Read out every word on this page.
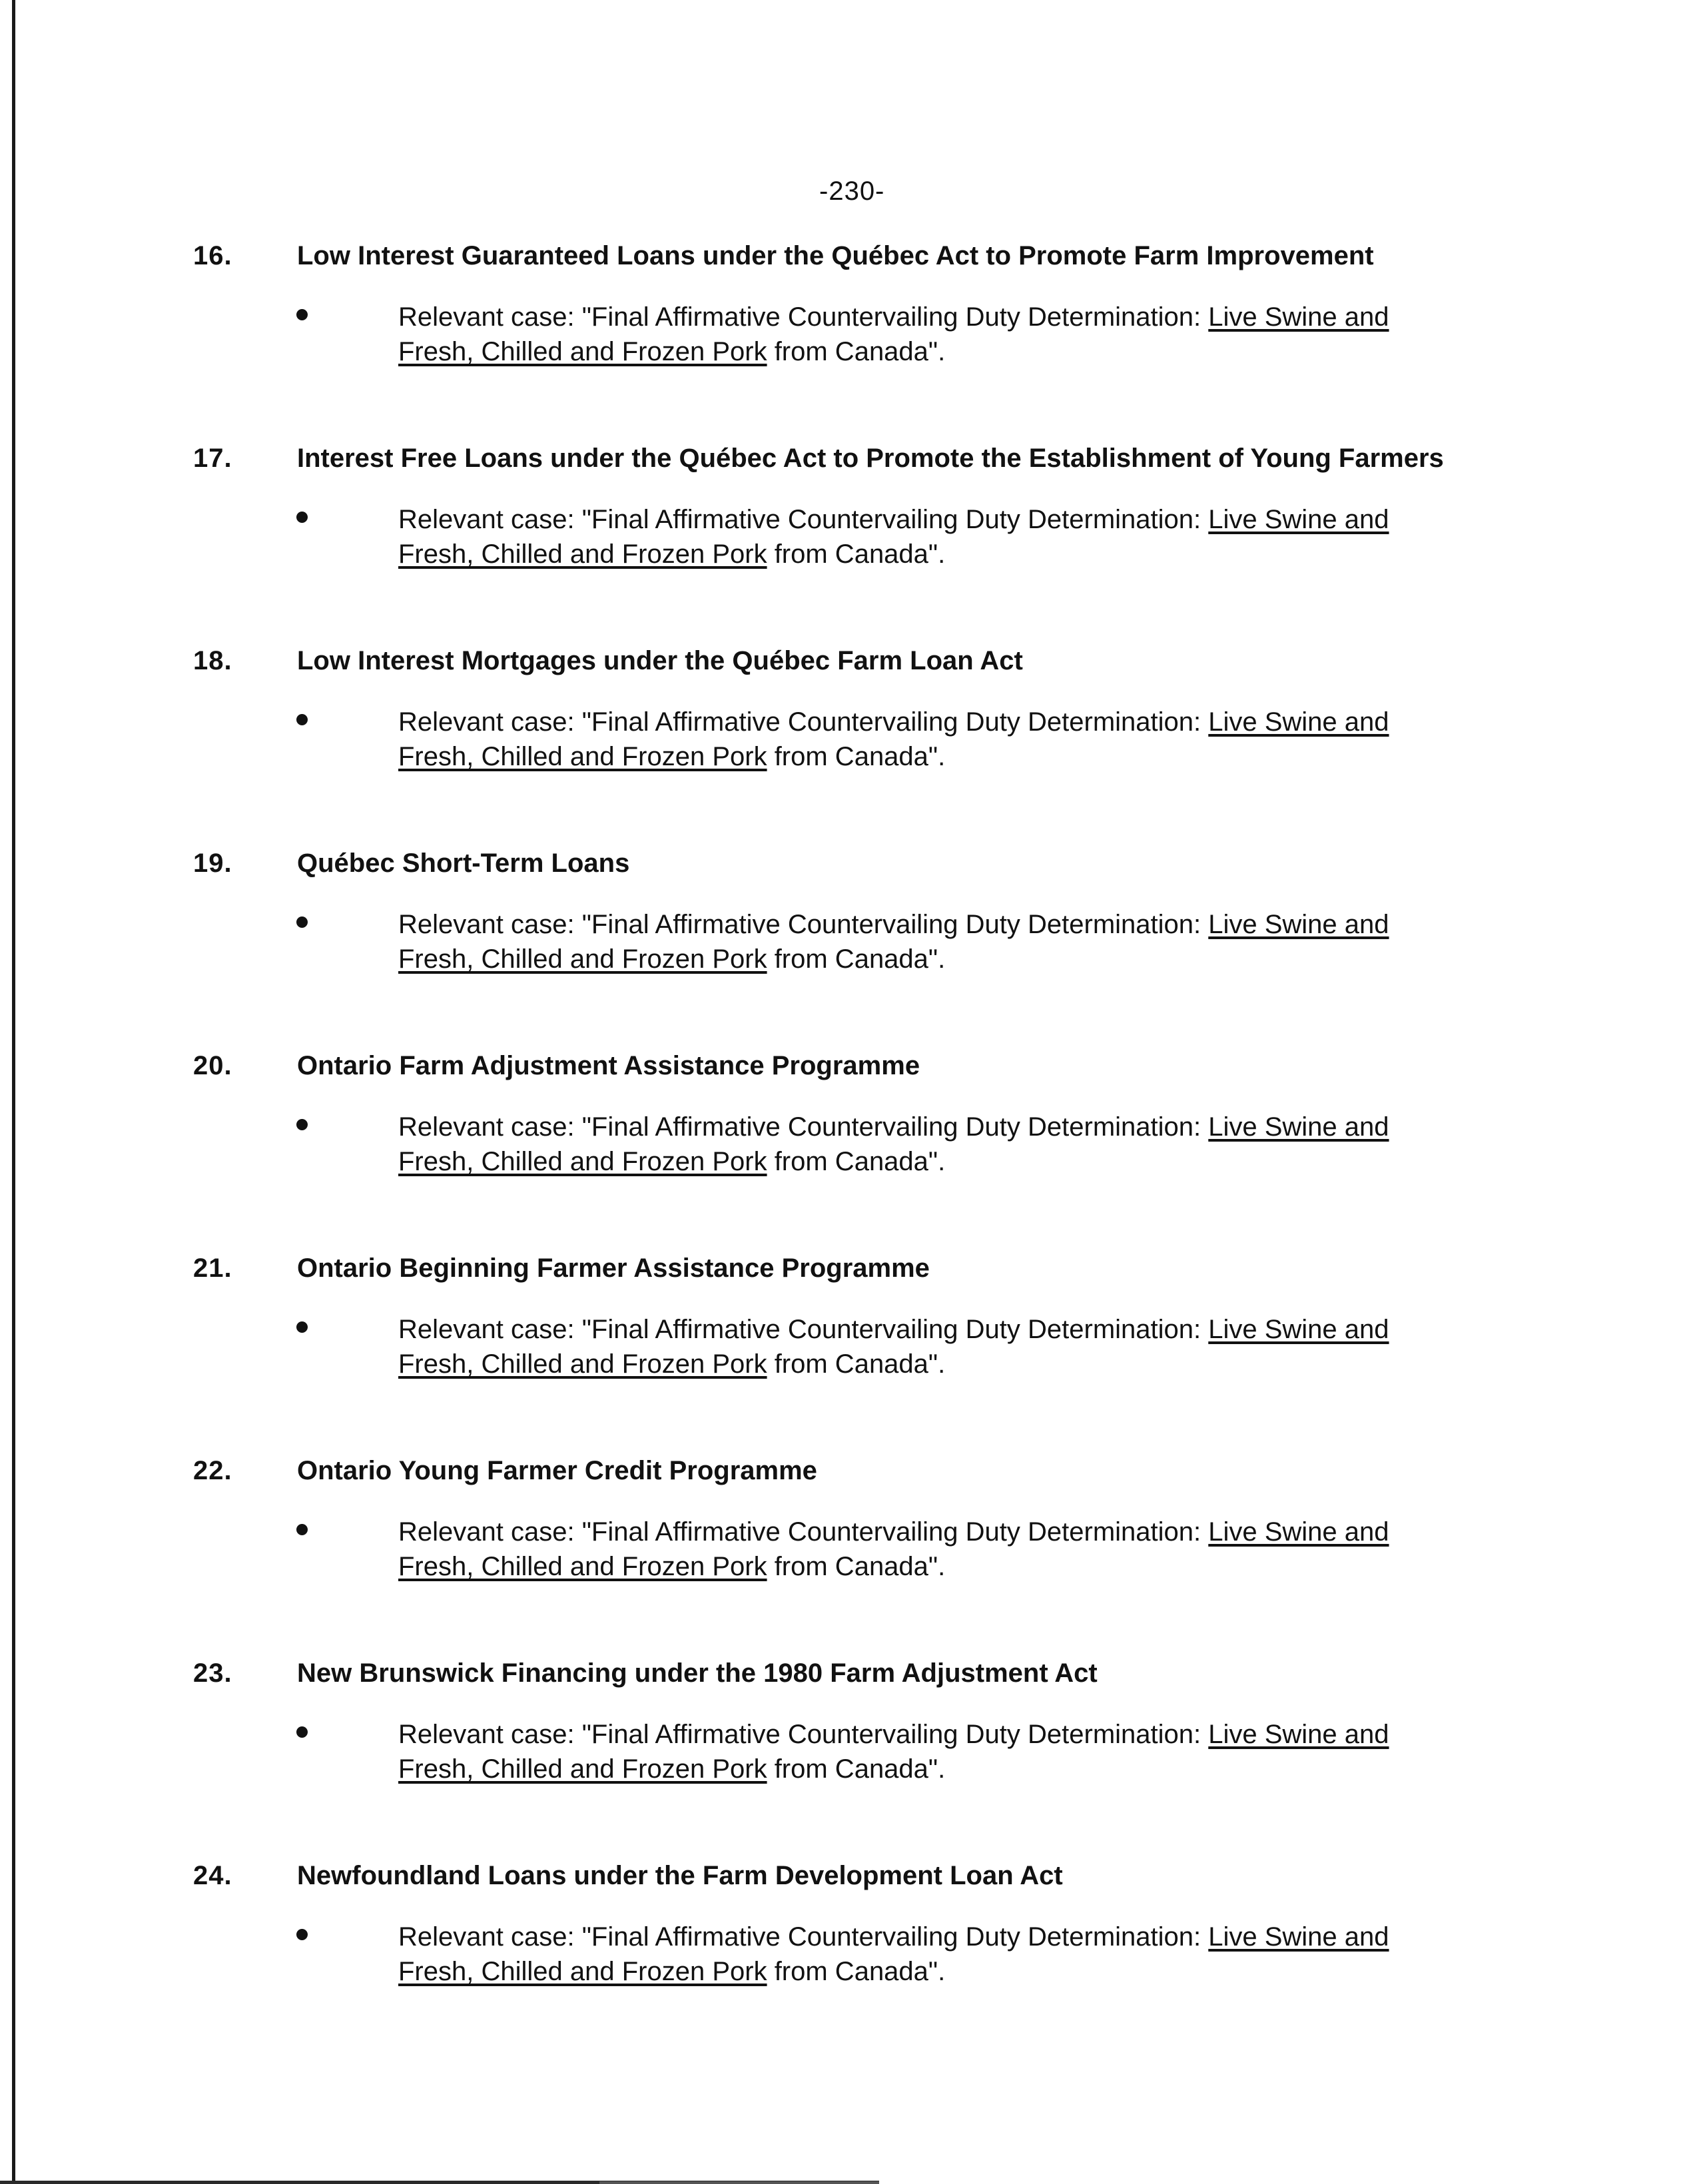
-230-
16. Low Interest Guaranteed Loans under the Québec Act to Promote Farm Improvement
Relevant case: "Final Affirmative Countervailing Duty Determination: Live Swine and
Fresh, Chilled and Frozen Pork from Canada".
17. Interest Free Loans under the Québec Act to Promote the Establishment of Young Farmers
Relevant case: "Final Affirmative Countervailing Duty Determination: Live Swine and
Fresh, Chilled and Frozen Pork from Canada".
18. Low Interest Mortgages under the Québec Farm Loan Act
Relevant case: "Final Affirmative Countervailing Duty Determination: Live Swine and
Fresh, Chilled and Frozen Pork from Canada".
19. Québec Short-Term Loans
Relevant case: "Final Affirmative Countervailing Duty Determination: Live Swine and
Fresh, Chilled and Frozen Pork from Canada".
20. Ontario Farm Adjustment Assistance Programme
Relevant case: "Final Affirmative Countervailing Duty Determination: Live Swine and
Fresh, Chilled and Frozen Pork from Canada".
21. Ontario Beginning Farmer Assistance Programme
Relevant case: "Final Affirmative Countervailing Duty Determination: Live Swine and
Fresh, Chilled and Frozen Pork from Canada".
22. Ontario Young Farmer Credit Programme
Relevant case: "Final Affirmative Countervailing Duty Determination: Live Swine and
Fresh, Chilled and Frozen Pork from Canada".
23. New Brunswick Financing under the 1980 Farm Adjustment Act
Relevant case: "Final Affirmative Countervailing Duty Determination: Live Swine and
Fresh, Chilled and Frozen Pork from Canada".
24. Newfoundland Loans under the Farm Development Loan Act
Relevant case: "Final Affirmative Countervailing Duty Determination: Live Swine and
Fresh, Chilled and Frozen Pork from Canada".
